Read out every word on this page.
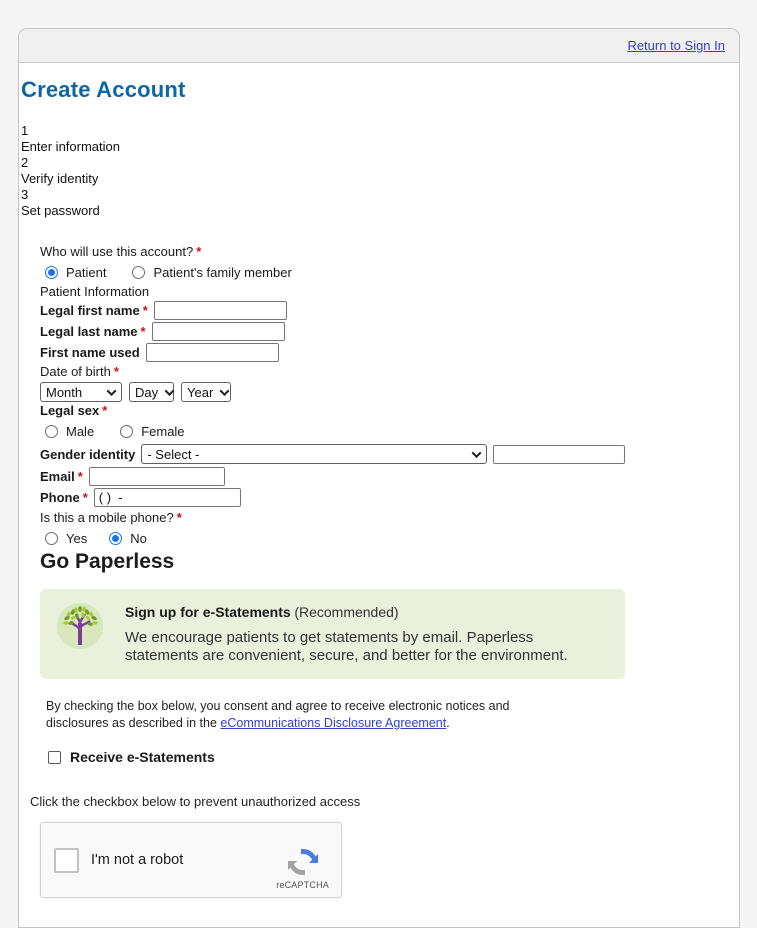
Return to Sign In
Create Account
1
Enter information
2
Verify identity
3
Set password
Who will use this account? *
Patient	Patient's family member
Patient Information
Legal first name *
Legal last name *
First name used
Date of birth *
Month	Day Year
Legal sex *
Male	Female
Gender identity - Select -
Email *
Phone *
( ) -
Is this a mobile phone? *
Yes	No
Go Paperless
Sign up for e-Statements (Recommended)
We encourage patients to get statements by email. Paperless statements are convenient, secure, and better for the environment.
By checking the box below, you consent and agree to receive electronic notices and disclosures as described in the eCommunications Disclosure Agreement.
Receive e-Statements
Click the checkbox below to prevent unauthorized access
I'm not a robot
reCAPTCHA
